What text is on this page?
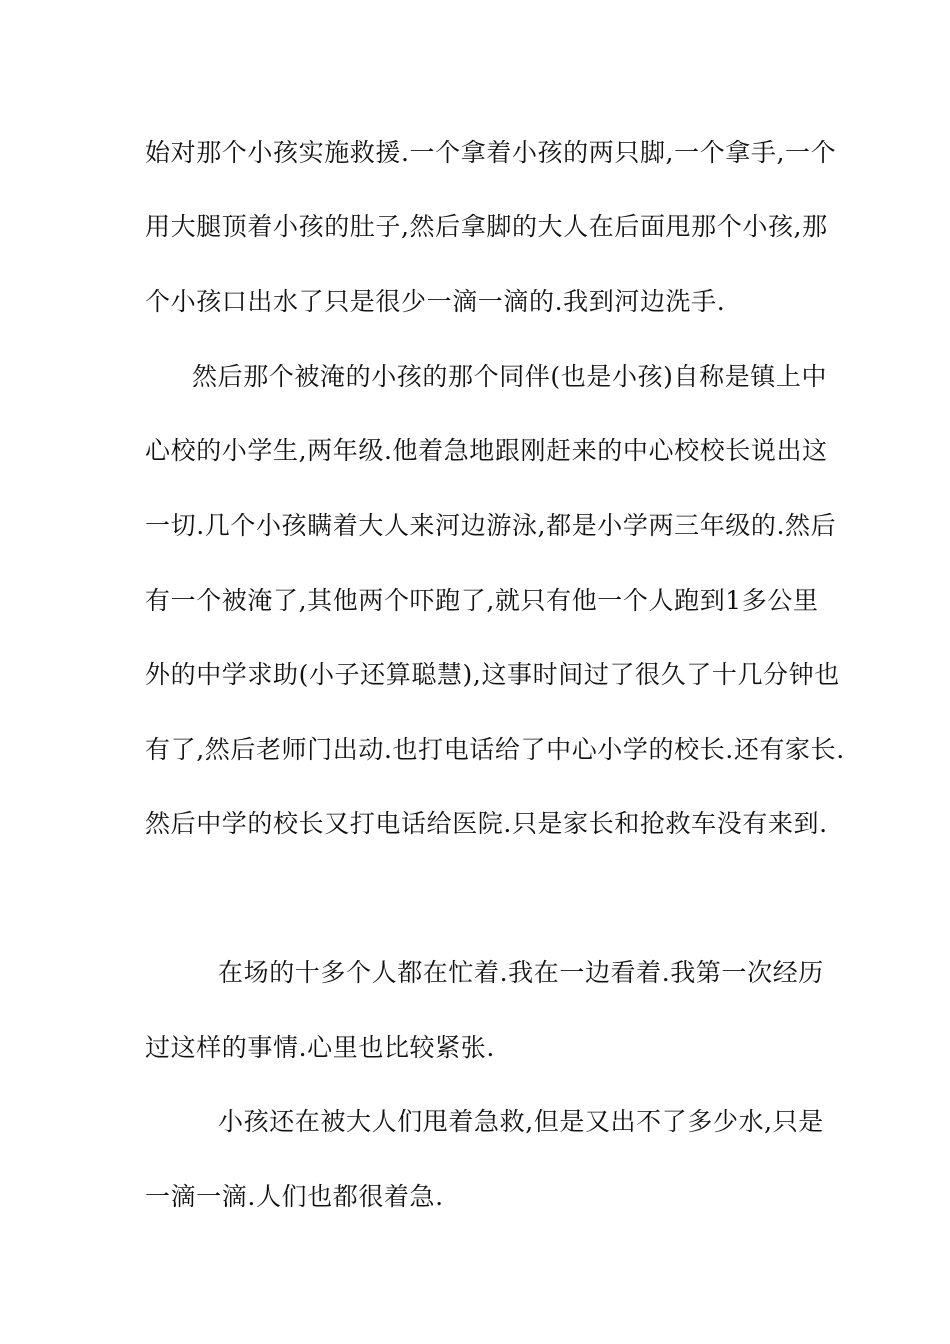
始对那个小孩实施救援.一个拿着小孩的两只脚,一个拿手,一个
用大腿顶着小孩的肚子,然后拿脚的大人在后面甩那个小孩,那
个小孩口出水了只是很少一滴一滴的.我到河边洗手.
然后那个被淹的小孩的那个同伴(也是小孩)自称是镇上中
心校的小学生,两年级.他着急地跟刚赶来的中心校校长说出这
一切.几个小孩瞒着大人来河边游泳,都是小学两三年级的.然后
有一个被淹了,其他两个吓跑了,就只有他一个人跑到1多公里
外的中学求助(小子还算聪慧),这事时间过了很久了十几分钟也
有了,然后老师门出动.也打电话给了中心小学的校长.还有家长.
然后中学的校长又打电话给医院.只是家长和抢救车没有来到.
在场的十多个人都在忙着.我在一边看着.我第一次经历
过这样的事情.心里也比较紧张.
小孩还在被大人们甩着急救,但是又出不了多少水,只是
一滴一滴.人们也都很着急.
